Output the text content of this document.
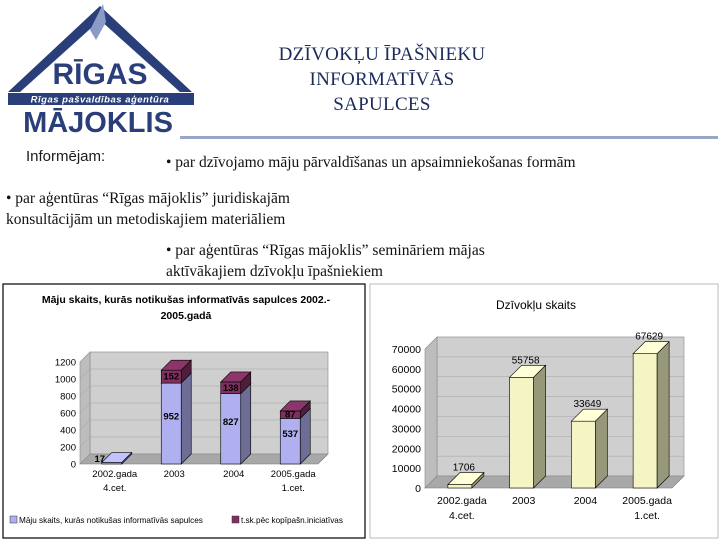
RĪGAS
Rīgas pašvaldības aģentūra
MĀJOKLIS
DZĪVOKĻU ĪPAŠNIEKU
INFORMATĪVĀS
SAPULCES
Informējam:	• par dzīvojamo māju pārvaldīšanas un apsaimniekošanas formām
• par aģentūras “Rīgas mājoklis” juridiskajām
konsultācijām un metodiskajiem materiāliem
• par aģentūras “Rīgas mājoklis” semināriem mājas
aktīvākajiem dzīvokļu īpašniekiem
Māju skaits, kurās notikušas informatīvās sapulces 2002.-
2005.gadā
0
200
400
600
800
1000
1200
17
2002.gada
4.cet.
952
152
2003
827
138
2004
537
87
2005.gada
1.cet.
Māju skaits, kurās notikušas informatīvās sapulces	t.sk.pēc kopīpašn.iniciatīvas
Dzīvokļu skaits
0
10000
20000
30000
40000
50000
60000
70000
1706
2002.gada
4.cet.
55758
2003
33649
2004
67629
2005.gada
1.cet.
